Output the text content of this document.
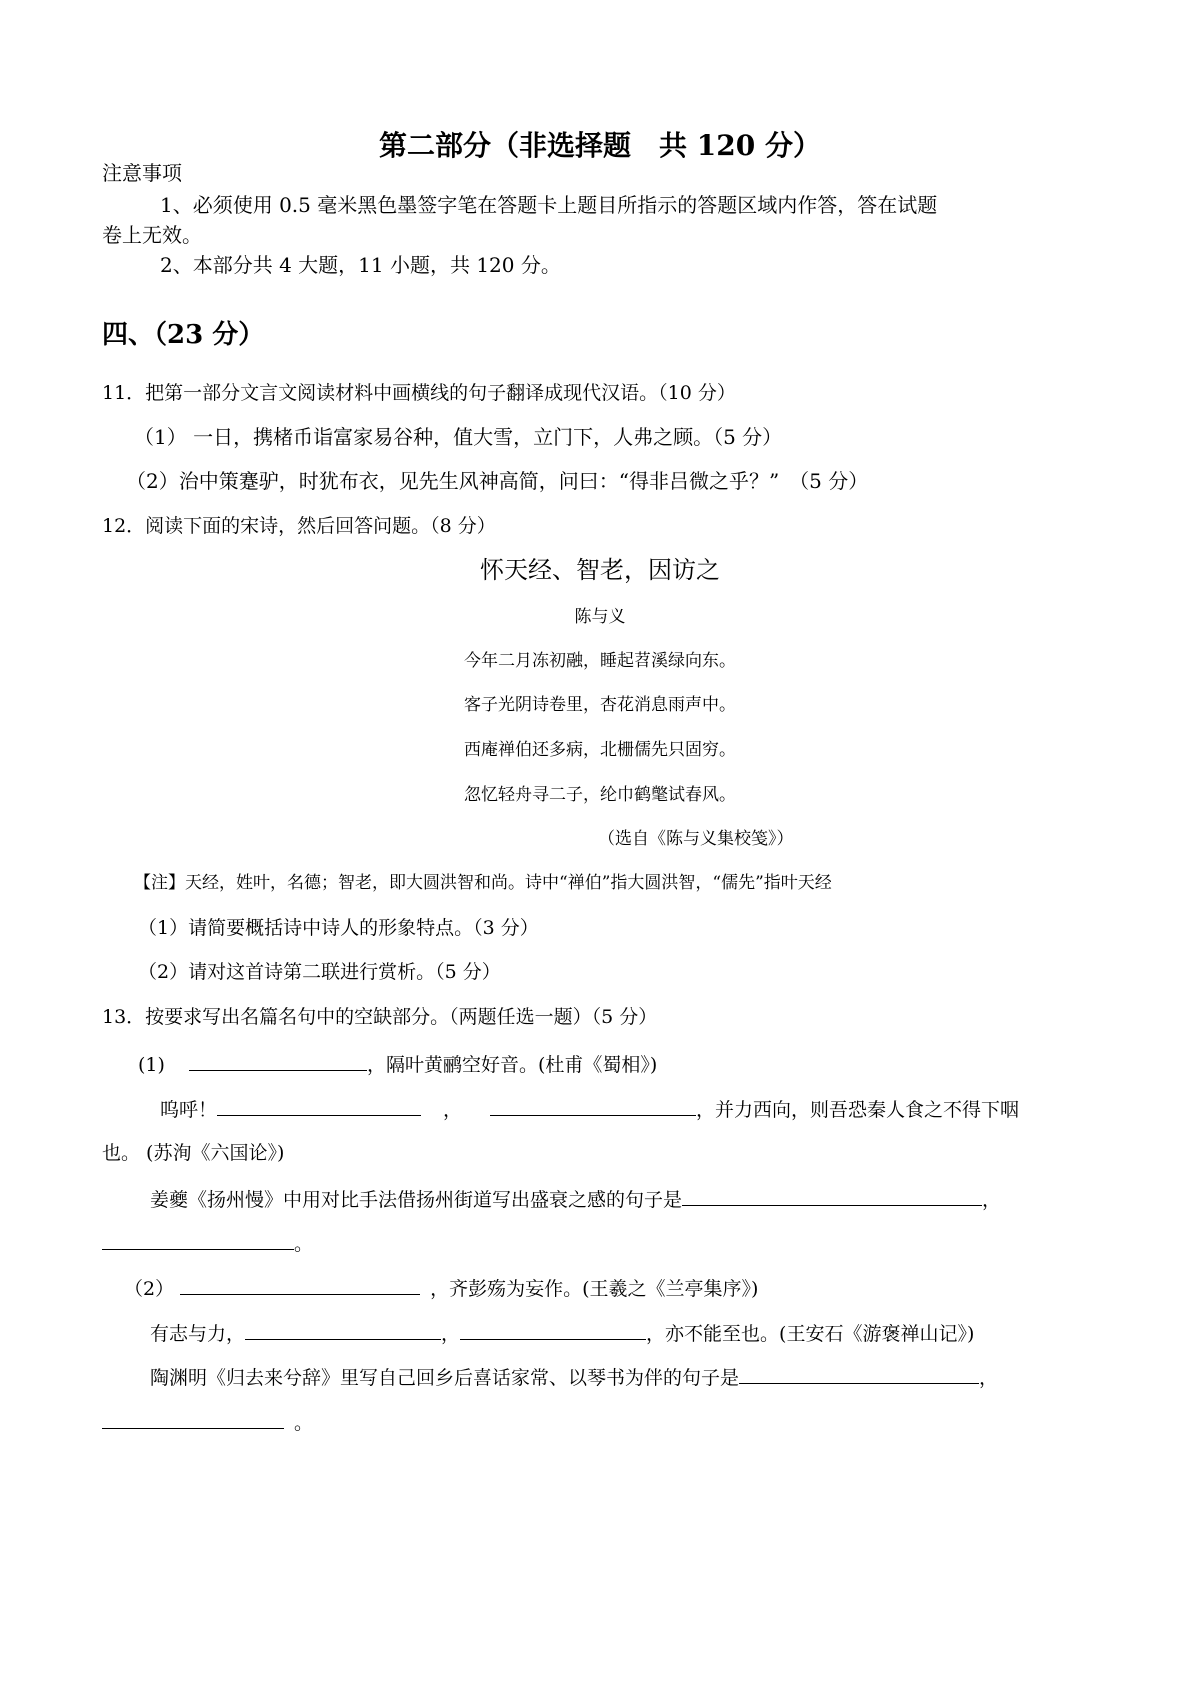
第二部分（非选择题　共 120 分）
注意事项
1、必须使用 0.5 毫米黑色墨签字笔在答题卡上题目所指示的答题区域内作答，答在试题
卷上无效。
2、本部分共 4 大题，11 小题，共 120 分。
四、（23 分）
11．把第一部分文言文阅读材料中画横线的句子翻译成现代汉语。（10 分）
（1） 一日，携楮币诣富家易谷种，值大雪，立门下，人弗之顾。（5 分）
（2）治中策蹇驴，时犹布衣，见先生风神高简，问曰：“得非吕微之乎？”　（5 分）
12．阅读下面的宋诗，然后回答问题。（8 分）
怀天经、智老，因访之
陈与义
今年二月冻初融，睡起苕溪绿向东。
客子光阴诗卷里，杏花消息雨声中。
西庵禅伯还多病，北栅儒先只固穷。
忽忆轻舟寻二子，纶巾鹤氅试春风。
（选自《陈与义集校笺》）
【注】天经，姓叶，名德；智老，即大圆洪智和尚。诗中“禅伯”指大圆洪智，“儒先”指叶天经
（1）请简要概括诗中诗人的形象特点。（3 分）
（2）请对这首诗第二联进行赏析。（5 分）
13．按要求写出名篇名句中的空缺部分。（两题任选一题）（5 分）
(1)	，隔叶黄鹂空好音。(杜甫《蜀相》)
呜呼！	，	，并力西向，则吾恐秦人食之不得下咽
也。 (苏洵《六国论》)
姜夔《扬州慢》中用对比手法借扬州街道写出盛衰之感的句子是	，
。
（2）	，齐彭殇为妄作。(王羲之《兰亭集序》)
有志与力，	，	，亦不能至也。(王安石《游褒禅山记》)
陶渊明《归去来兮辞》里写自己回乡后喜话家常、以琴书为伴的句子是	，
。
